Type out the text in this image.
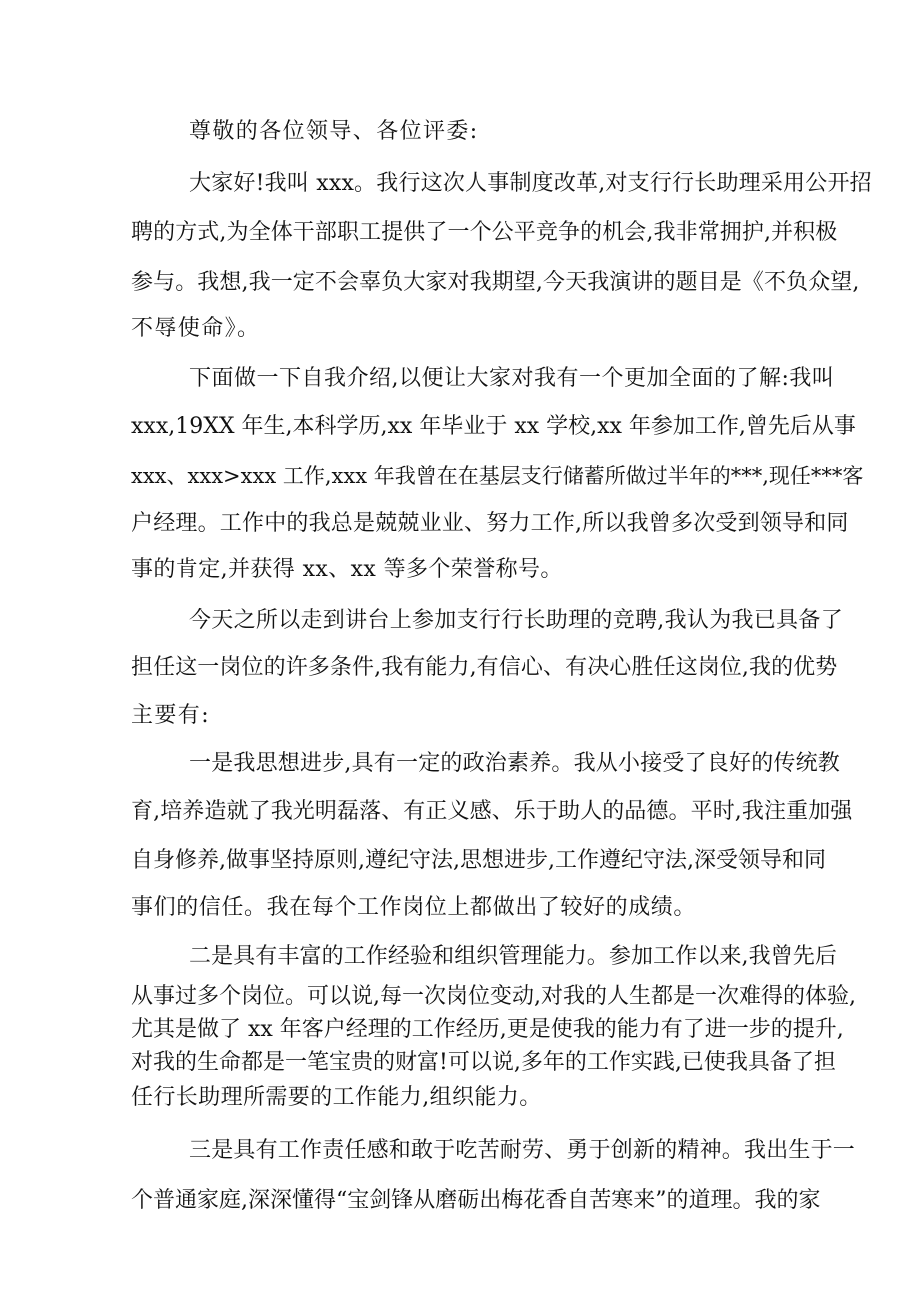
尊敬的各位领导、各位评委:

大家好!我叫 xxx。我行这次人事制度改革,对支行行长助理采用公开招

聘的方式,为全体干部职工提供了一个公平竞争的机会,我非常拥护,并积极

参与。我想,我一定不会辜负大家对我期望,今天我演讲的题目是《不负众望,

不辱使命》。

下面做一下自我介绍,以便让大家对我有一个更加全面的了解:我叫

xxx,19XX 年生,本科学历,xx 年毕业于 xx 学校,xx 年参加工作,曾先后从事

xxx、xxx>xxx 工作,xxx 年我曾在在基层支行储蓄所做过半年的***,现任***客

户经理。工作中的我总是兢兢业业、努力工作,所以我曾多次受到领导和同

事的肯定,并获得 xx、xx 等多个荣誉称号。

今天之所以走到讲台上参加支行行长助理的竞聘,我认为我已具备了

担任这一岗位的许多条件,我有能力,有信心、有决心胜任这岗位,我的优势

主要有:

一是我思想进步,具有一定的政治素养。我从小接受了良好的传统教

育,培养造就了我光明磊落、有正义感、乐于助人的品德。平时,我注重加强

自身修养,做事坚持原则,遵纪守法,思想进步,工作遵纪守法,深受领导和同

事们的信任。我在每个工作岗位上都做出了较好的成绩。

二是具有丰富的工作经验和组织管理能力。参加工作以来,我曾先后

从事过多个岗位。可以说,每一次岗位变动,对我的人生都是一次难得的体验,

尤其是做了 xx 年客户经理的工作经历,更是使我的能力有了进一步的提升,

对我的生命都是一笔宝贵的财富!可以说,多年的工作实践,已使我具备了担

任行长助理所需要的工作能力,组织能力。

三是具有工作责任感和敢于吃苦耐劳、勇于创新的精神。我出生于一

个普通家庭,深深懂得“宝剑锋从磨砺出梅花香自苦寒来”的道理。我的家
